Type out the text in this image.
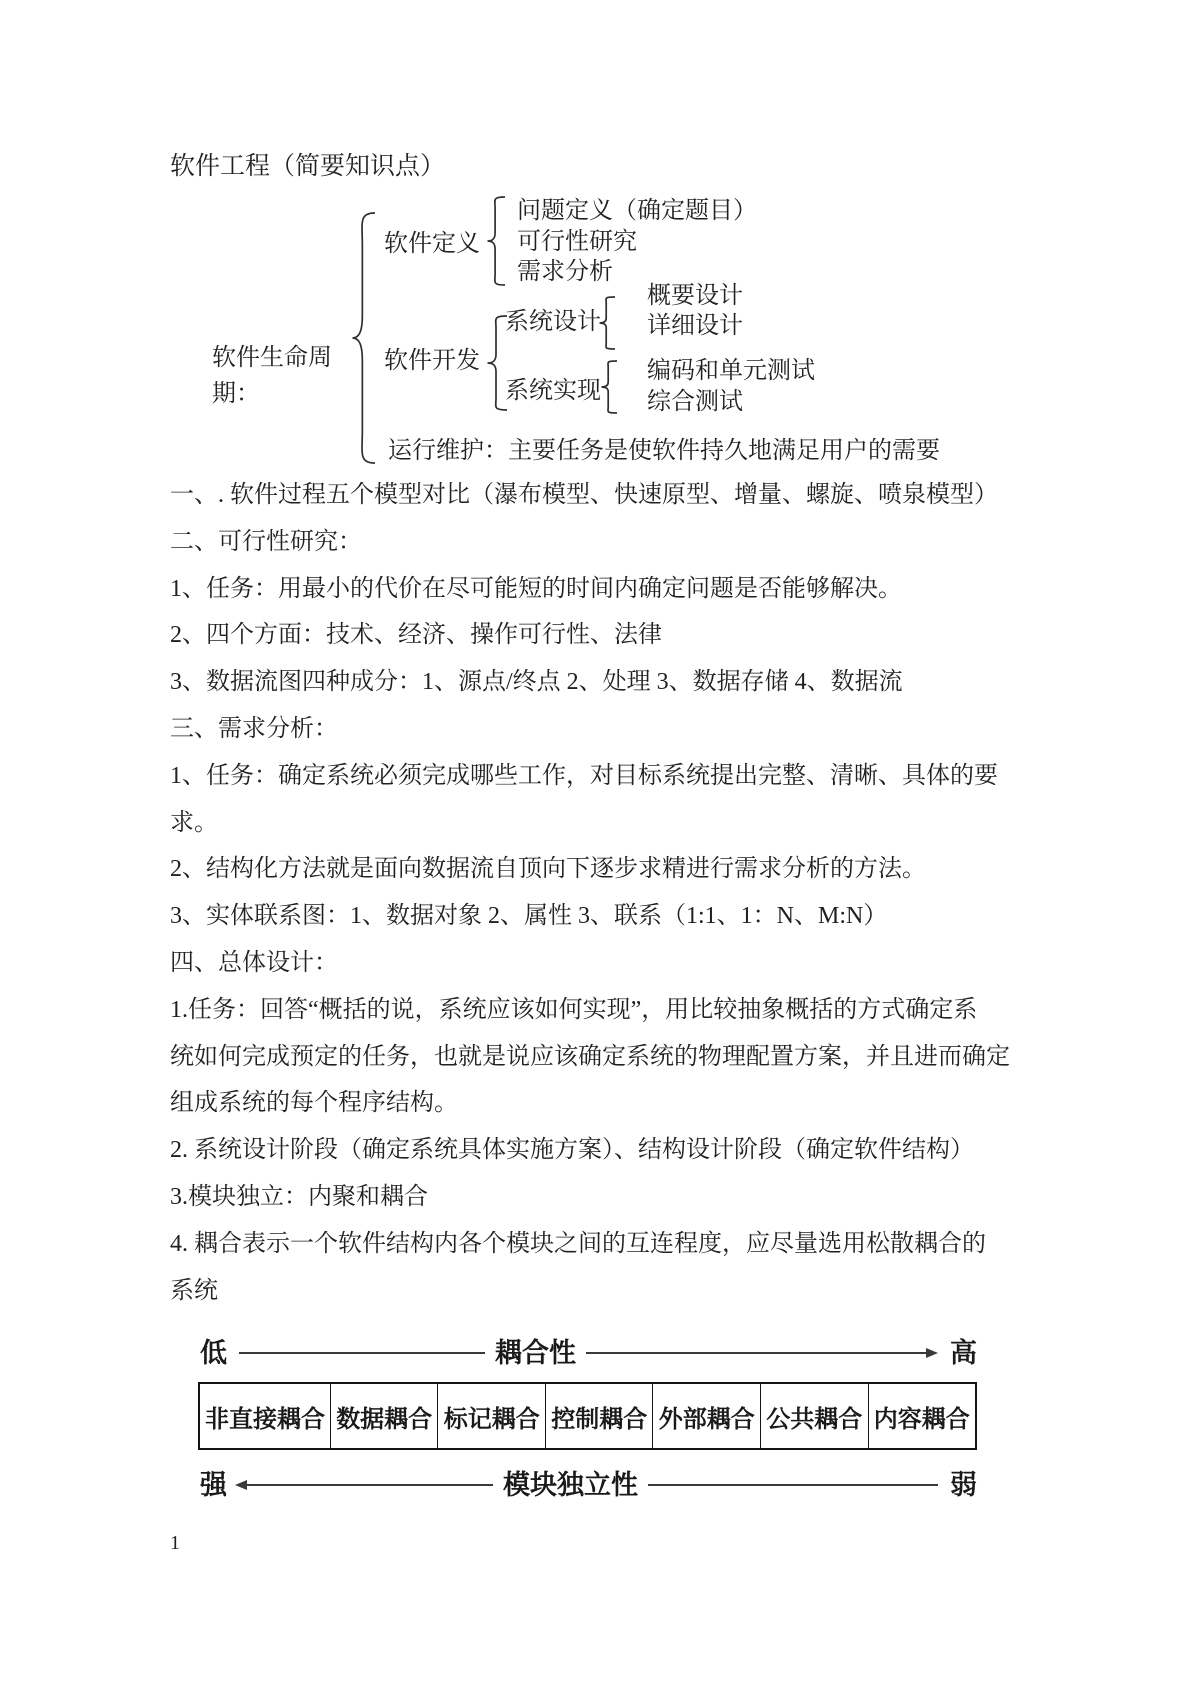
软件工程（简要知识点）
软件生命周
期：
软件定义
问题定义（确定题目）
可行性研究
需求分析
软件开发
系统设计
概要设计
详细设计
系统实现
编码和单元测试
综合测试
运行维护：主要任务是使软件持久地满足用户的需要
一、. 软件过程五个模型对比（瀑布模型、快速原型、增量、螺旋、喷泉模型）
二、可行性研究：
1、任务：用最小的代价在尽可能短的时间内确定问题是否能够解决。
2、四个方面：技术、经济、操作可行性、法律
3、数据流图四种成分：1、源点/终点 2、处理 3、数据存储 4、数据流
三、需求分析：
1、任务：确定系统必须完成哪些工作，对目标系统提出完整、清晰、具体的要
求。
2、结构化方法就是面向数据流自顶向下逐步求精进行需求分析的方法。
3、实体联系图：1、数据对象 2、属性 3、联系（1:1、1：N、M:N）
四、总体设计：
1.任务：回答“概括的说，系统应该如何实现”，用比较抽象概括的方式确定系
统如何完成预定的任务，也就是说应该确定系统的物理配置方案，并且进而确定
组成系统的每个程序结构。
2. 系统设计阶段（确定系统具体实施方案）、结构设计阶段（确定软件结构）
3.模块独立：内聚和耦合
4. 耦合表示一个软件结构内各个模块之间的互连程度，应尽量选用松散耦合的
系统
低	耦合性	高
非直接耦合 数据耦合 标记耦合 控制耦合 外部耦合 公共耦合 内容耦合
强	模块独立性	弱
1
